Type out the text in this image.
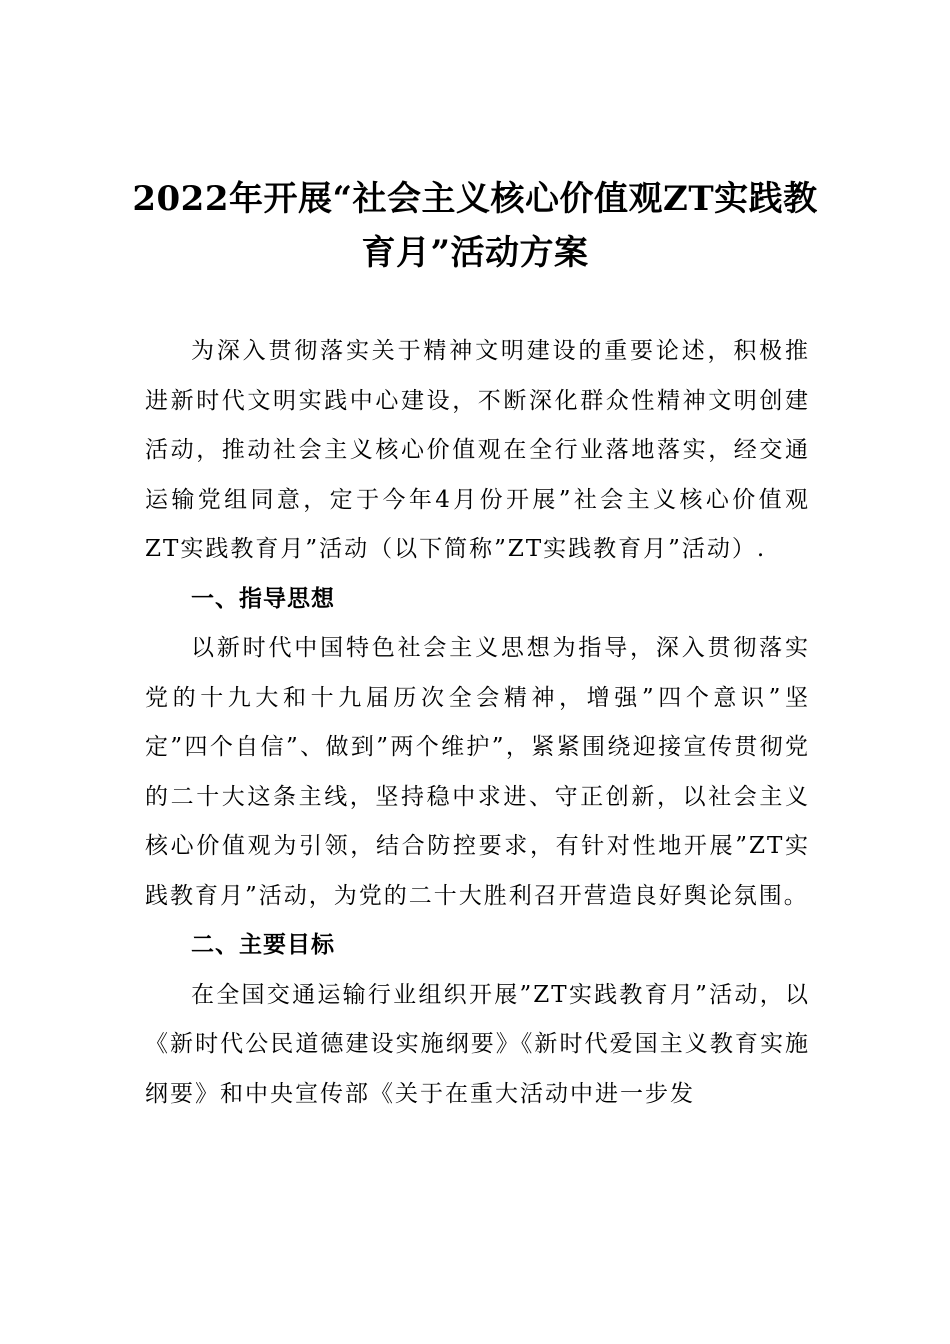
2022年开展“社会主义核心价值观ZT实践教育月”活动方案

为深入贯彻落实关于精神文明建设的重要论述，积极推进新时代文明实践中心建设，不断深化群众性精神文明创建活动，推动社会主义核心价值观在全行业落地落实，经交通运输党组同意，定于今年4月份开展”社会主义核心价值观ZT实践教育月”活动（以下简称”ZT实践教育月”活动）.

一、指导思想

以新时代中国特色社会主义思想为指导，深入贯彻落实党的十九大和十九届历次全会精神，增强”四个意识”坚定”四个自信”、做到”两个维护”，紧紧围绕迎接宣传贯彻党的二十大这条主线，坚持稳中求进、守正创新，以社会主义核心价值观为引领，结合防控要求，有针对性地开展”ZT实践教育月”活动，为党的二十大胜利召开营造良好舆论氛围。

二、主要目标

在全国交通运输行业组织开展”ZT实践教育月”活动，以《新时代公民道德建设实施纲要》《新时代爱国主义教育实施纲要》和中央宣传部《关于在重大活动中进一步发
